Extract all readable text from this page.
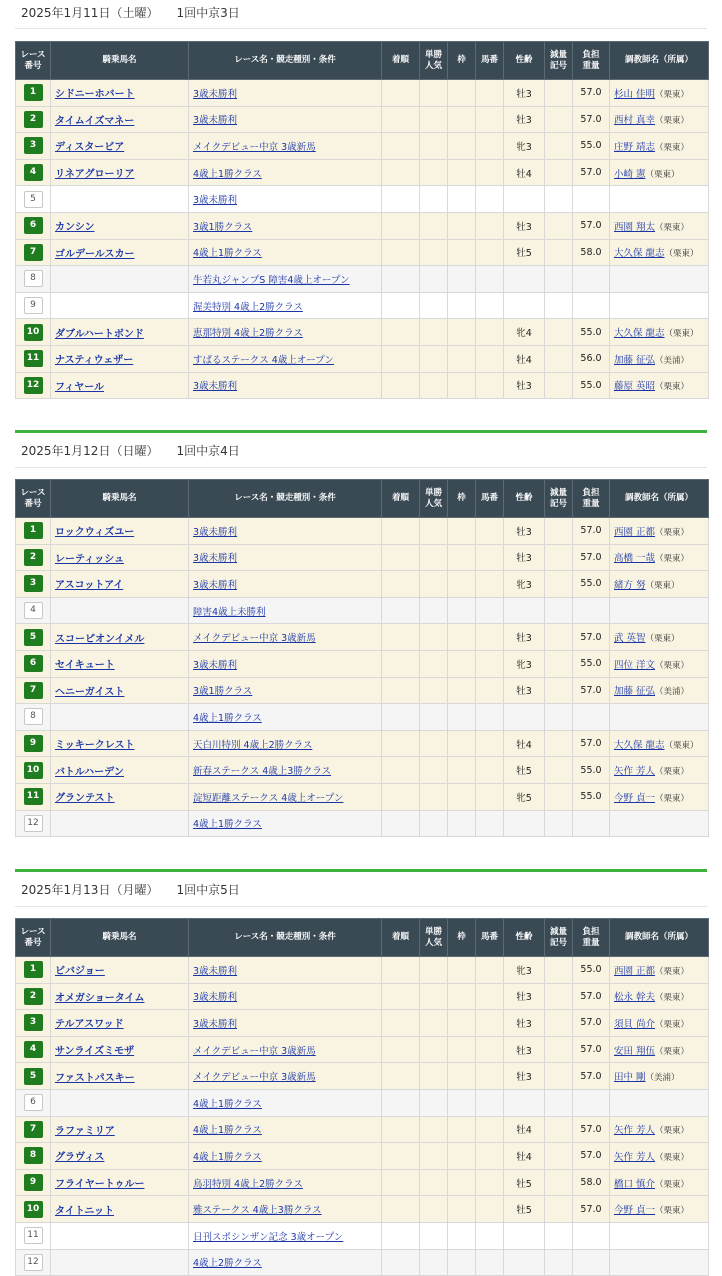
2025年1月11日（土曜） 1回中京3日
レース
番号	騎乗馬名	レース名・競走種別・条件	着順	単勝
人気	枠	馬番	性齢	減量
記号	負担
重量	調教師名（所属）
1	シドニーホバート	3歳未勝利					牡3		57.0	杉山 佳明（栗東）
2	タイムイズマネー	3歳未勝利					牡3		57.0	西村 真幸（栗東）
3	ディスタービア	メイクデビュー中京 3歳新馬					牝3		55.0	庄野 靖志（栗東）
4	リネアグローリア	4歳上1勝クラス					牡4		57.0	小崎 憲（栗東）
5		3歳未勝利								
6	カンシン	3歳1勝クラス					牡3		57.0	西園 翔太（栗東）
7	ゴルデールスカー	4歳上1勝クラス					牡5		58.0	大久保 龍志（栗東）
8		牛若丸ジャンプS 障害4歳上オープン								
9		渥美特別 4歳上2勝クラス								
10	ダブルハートボンド	恵那特別 4歳上2勝クラス					牝4		55.0	大久保 龍志（栗東）
11	ナスティウェザー	すばるステークス 4歳上オープン					牡4		56.0	加藤 征弘（美浦）
12	フィヤール	3歳未勝利					牡3		55.0	藤原 英昭（栗東）
2025年1月12日（日曜） 1回中京4日
レース
番号	騎乗馬名	レース名・競走種別・条件	着順	単勝
人気	枠	馬番	性齢	減量
記号	負担
重量	調教師名（所属）
1	ロックウィズユー	3歳未勝利					牡3		57.0	西園 正都（栗東）
2	レーティッシュ	3歳未勝利					牡3		57.0	高橋 一哉（栗東）
3	アスコットアイ	3歳未勝利					牝3		55.0	緒方 努（栗東）
4		障害4歳上未勝利								
5	スコーピオンイメル	メイクデビュー中京 3歳新馬					牡3		57.0	武 英智（栗東）
6	セイキュート	3歳未勝利					牝3		55.0	四位 洋文（栗東）
7	ヘニーガイスト	3歳1勝クラス					牡3		57.0	加藤 征弘（美浦）
8		4歳上1勝クラス								
9	ミッキークレスト	天白川特別 4歳上2勝クラス					牡4		57.0	大久保 龍志（栗東）
10	バトルハーデン	新春ステークス 4歳上3勝クラス					牡5		55.0	矢作 芳人（栗東）
11	グランテスト	淀短距離ステークス 4歳上オープン					牝5		55.0	今野 貞一（栗東）
12		4歳上1勝クラス								
2025年1月13日（月曜） 1回中京5日
レース
番号	騎乗馬名	レース名・競走種別・条件	着順	単勝
人気	枠	馬番	性齢	減量
記号	負担
重量	調教師名（所属）
1	ビバジョー	3歳未勝利					牝3		55.0	西園 正都（栗東）
2	オメガショータイム	3歳未勝利					牡3		57.0	松永 幹夫（栗東）
3	テルアスワッド	3歳未勝利					牡3		57.0	須貝 尚介（栗東）
4	サンライズミモザ	メイクデビュー中京 3歳新馬					牡3		57.0	安田 翔伍（栗東）
5	ファストパスキー	メイクデビュー中京 3歳新馬					牡3		57.0	田中 剛（美浦）
6		4歳上1勝クラス								
7	ラファミリア	4歳上1勝クラス					牡4		57.0	矢作 芳人（栗東）
8	グラヴィス	4歳上1勝クラス					牡4		57.0	矢作 芳人（栗東）
9	フライヤートゥルー	鳥羽特別 4歳上2勝クラス					牡5		58.0	橋口 慎介（栗東）
10	タイトニット	雅ステークス 4歳上3勝クラス					牡5		57.0	今野 貞一（栗東）
11		日刊スポシンザン記念 3歳オープン								
12		4歳上2勝クラス								
